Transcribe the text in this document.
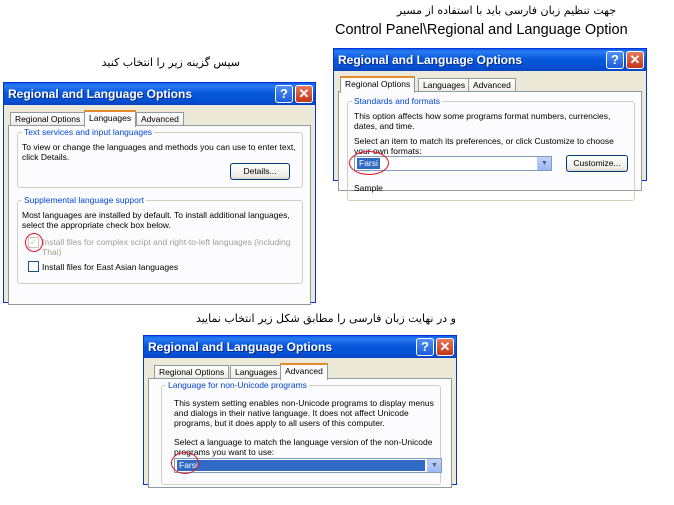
جهت تنظیم زبان فارسی باید با استفاده از مسیر
Control Panel\Regional and Language Option
سپس گزینه زیر را انتخاب کنید
و در نهایت زبان فارسی را مطابق شکل زیر انتخاب نمایید
Regional and Language Options	? ✕
Regional Options	Languages Advanced
Standards and formats
This option affects how some programs format numbers, currencies, dates, and time.
Select an item to match its preferences, or click Customize to choose your own formats:
Farsi	▼	Customize...
Sample
Regional and Language Options	? ✕
Regional Options	Languages	Advanced
Text services and input languages
To view or change the languages and methods you can use to enter text, click Details.
Details...
Supplemental language support
Most languages are installed by default. To install additional languages, select the appropriate check box below.
✓ Install files for complex script and right-to-left languages (including Thai)
Install files for East Asian languages
Regional and Language Options	? ✕
Regional Options	Languages Advanced
Language for non-Unicode programs
This system setting enables non-Unicode programs to display menus and dialogs in their native language. It does not affect Unicode programs, but it does apply to all users of this computer.
Select a language to match the language version of the non-Unicode programs you want to use:
Farsi	▼
